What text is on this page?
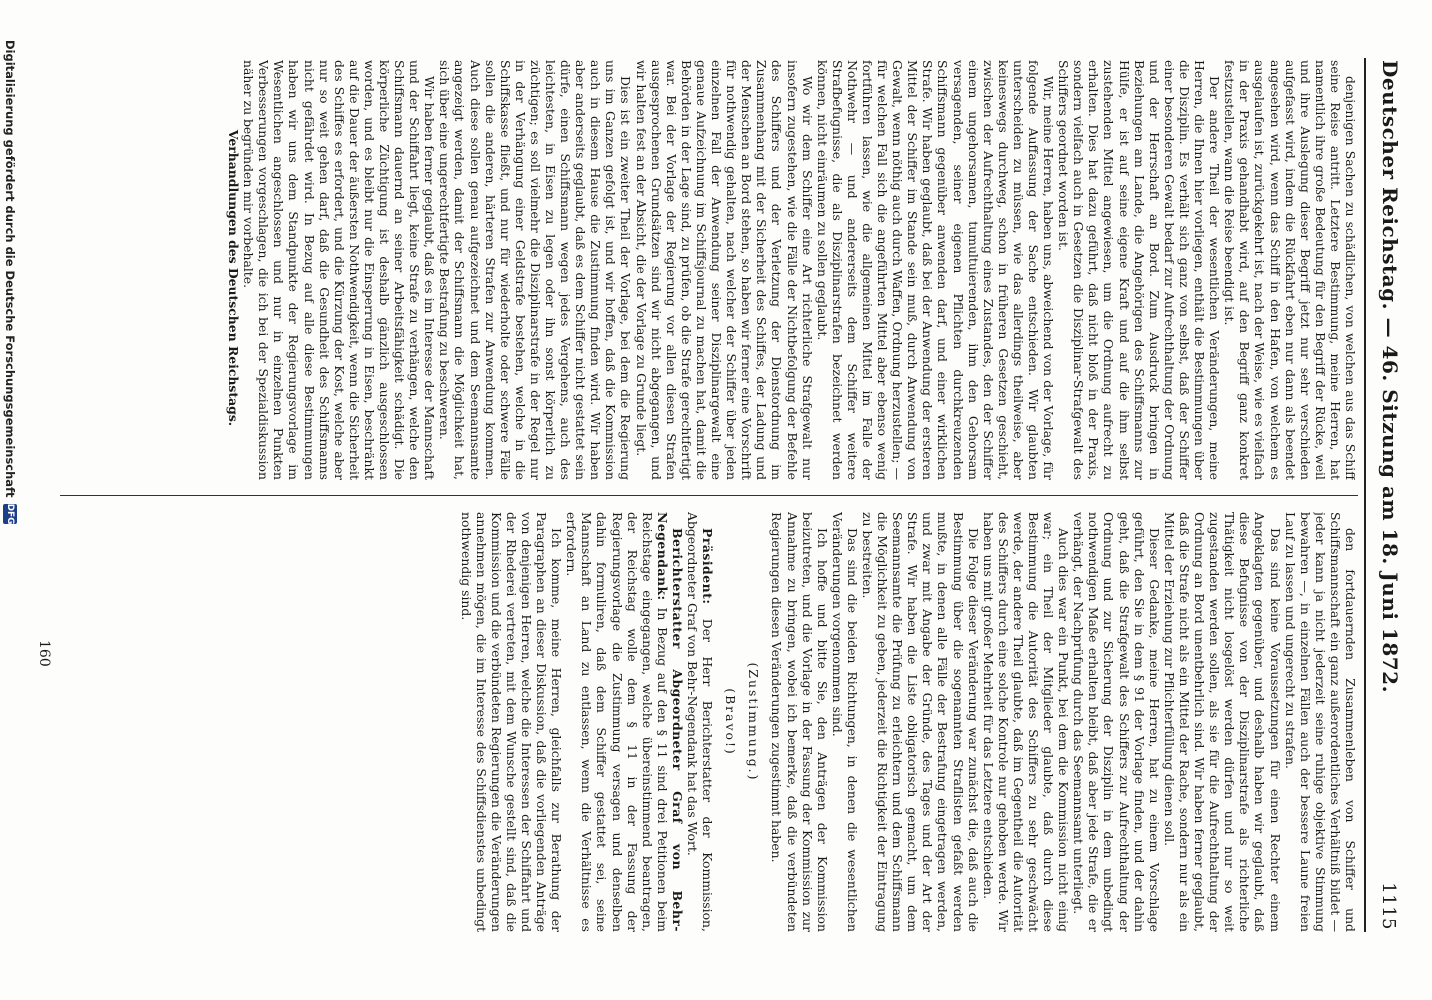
Deutscher Reichstag. — 46. Sitzung am 18. Juni 1872.
1115

denjenigen Sachen zu schädlichen, von welchen aus das Schiff seine Reise antritt. Letztere Bestimmung, meine Herren, hat namentlich ihre große Bedeutung für den Begriff der Rücke, weil und ihre Auslegung dieser Begriff jetzt nur sehr verschieden aufgefasst wird, indem die Rückfahrt eben nur dann als beendet angesehen wird, wenn das Schiff in den Hafen, von welchem es ausgelaufen ist, zurückgekehrt ist, nach der Weise, wie es vielfach in der Praxis gehandhabt wird, auf den Begriff ganz konkret festzustellen, wann die Reise beendigt ist.

Der andere Theil der wesentlichen Veränderungen, meine Herren, die Ihnen hier vorliegen, enthält die Bestimmungen über die Disziplin. Es verhält sich ganz von selbst, daß der Schiffer einer besonderen Gewalt bedarf zur Aufrechthaltung der Ordnung und der Herrschaft an Bord. Zum Ausdruck bringen in Beziehungen am Lande, die Angehörigen des Schiffsmanns zur Hülfe, er ist auf seine eigene Kraft und auf die ihm selbst zustehenden Mittel angewiesen, um die Ordnung aufrecht zu erhalten. Dies hat dazu geführt, daß nicht bloß in der Praxis, sondern vielfach auch in Gesetzen die Disziplinar-Strafgewalt des Schiffers geordnet worden ist.

Wir, meine Herren, haben uns, abweichend von der Vorlage, für folgende Auffassung der Sache entschieden. Wir glaubten unterscheiden zu müssen, wie das allerdings theilweise, aber keineswegs durchweg, schon in früheren Gesetzen geschieht, zwischen der Aufrechthaltung eines Zustandes, den der Schiffer einem ungehorsamen, tumultuierenden, ihm den Gehorsam versagenden, seiner eigenen Pflichten durchkreuzenden Schiffsmann gegenüber anwenden darf, und einer wirklichen Strafe. Wir haben geglaubt, daß bei der Anwendung der ersteren Mittel der Schiffer im Stande sein muß, durch Anwendung von Gewalt, wenn nöthig auch durch Waffen, Ordnung herzustellen; — für welchen Fall sich die angeführten Mittel aber ebenso wenig fortführen lassen, wie die allgemeinen Mittel im Falle der Nothwehr — und andererseits dem Schiffer weitere Strafbefugnisse, die als Disziplinarstrafen bezeichnet werden können, nicht einräumen zu sollen geglaubt.

Wo wir dem Schiffer eine Art richterliche Strafgewalt nur insofern zugestehen, wie die Fälle der Nichtbefolgung der Befehle des Schiffers und der Verletzung der Dienstordnung im Zusammenhang mit der Sicherheit des Schiffes, der Ladung und der Menschen an Bord stehen, so haben wir ferner eine Vorschrift für nothwendig gehalten, nach welcher der Schiffer über jeden einzelnen Fall der Anwendung seiner Disziplinargewalt eine genaue Aufzeichnung im Schiffsjournal zu machen hat, damit die Behörden in der Lage sind, zu prüfen, ob die Strafe gerechtfertigt war. Bei der Vorlage der Regierung vor allen diesen Strafen ausgesprochenen Grundsätzen sind wir nicht abgegangen, und wir halten fest an der Absicht, die der Vorlage zu Grunde liegt.

Dies ist ein zweiter Theil der Vorlage, bei dem die Regierung uns im Ganzen gefolgt ist, und wir hoffen, daß die Kommission auch in diesem Hause die Zustimmung finden wird. Wir haben aber anderseits geglaubt, daß es dem Schiffer nicht gestattet sein dürfe, einen Schiffsmann wegen jedes Vergehens, auch des leichtesten, in Eisen zu legen oder ihn sonst körperlich zu züchtigen; es soll vielmehr die Disziplinarstrafe in der Regel nur in der Verhängung einer Geldstrafe bestehen, welche in die Schiffskasse fließt, und nur für wiederholte oder schwere Fälle sollen die anderen, härteren Strafen zur Anwendung kommen. Auch diese sollen genau aufgezeichnet und dem Seemannsamte angezeigt werden, damit der Schiffsmann die Möglichkeit hat, sich über eine ungerechtfertigte Bestrafung zu beschweren.

Wir haben ferner geglaubt, daß es im Interesse der Mannschaft und der Schiffahrt liegt, keine Strafe zu verhängen, welche den Schiffsmann dauernd an seiner Arbeitsfähigkeit schädigt. Die körperliche Züchtigung ist deshalb gänzlich ausgeschlossen worden, und es bleibt nur die Einsperrung in Eisen, beschränkt auf die Dauer der äußersten Nothwendigkeit, wenn die Sicherheit des Schiffes es erfordert, und die Kürzung der Kost, welche aber nur so weit gehen darf, daß die Gesundheit des Schiffsmanns nicht gefährdet wird. In Bezug auf alle diese Bestimmungen haben wir uns dem Standpunkte der Regierungsvorlage im Wesentlichen angeschlossen und nur in einzelnen Punkten Verbesserungen vorgeschlagen, die ich bei der Spezialdiskussion näher zu begründen mir vorbehalte.

Verhandlungen des Deutschen Reichstags.

den fortdauernden Zusammenleben von Schiffer und Schiffsmannschaft ein ganz außerordentliches Verhältniß bildet — jeder kann ja nicht jederzeit seine ruhige objektive Stimmung bewahren —, in einzelnen Fällen auch der bessere Laune freien Lauf zu lassen und ungerecht zu strafen.

Das sind keine Voraussetzungen für einen Rechter einem Angeklagten gegenüber, und deshalb haben wir geglaubt, daß diese Befugnisse von der Disziplinarstrafe als richterliche Thätigkeit nicht losgelöst werden dürfen und nur so weit zugestanden werden sollen, als sie für die Aufrechthaltung der Ordnung an Bord unentbehrlich sind. Wir haben ferner geglaubt, daß die Strafe nicht als ein Mittel der Rache, sondern nur als ein Mittel der Erziehung zur Pflichterfüllung dienen soll.

Dieser Gedanke, meine Herren, hat zu einem Vorschlage geführt, den Sie in dem § 91 der Vorlage finden, und der dahin geht, daß die Strafgewalt des Schiffers zur Aufrechthaltung der Ordnung und zur Sicherung der Disziplin in dem unbedingt nothwendigen Maße erhalten bleibt, daß aber jede Strafe, die er verhängt, der Nachprüfung durch das Seemannsamt unterliegt.

Auch dies war ein Punkt, bei dem die Kommission nicht einig war; ein Theil der Mitglieder glaubte, daß durch diese Bestimmung die Autorität des Schiffers zu sehr geschwächt werde, der andere Theil glaubte, daß im Gegentheil die Autorität des Schiffers durch eine solche Kontrole nur gehoben werde. Wir haben uns mit großer Mehrheit für das Letztere entschieden.

Die Folge dieser Veränderung war zunächst die, daß auch die Bestimmung über die sogenannten Straflisten gefaßt werden mußte, in denen alle Fälle der Bestrafung eingetragen werden, und zwar mit Angabe der Gründe, des Tages und der Art der Strafe. Wir haben die Liste obligatorisch gemacht, um dem Seemannsamte die Prüfung zu erleichtern und dem Schiffsmann die Möglichkeit zu geben, jederzeit die Richtigkeit der Eintragung zu bestreiten.

Das sind die beiden Richtungen, in denen die wesentlichen Veränderungen vorgenommen sind.

Ich hoffe und bitte Sie, den Anträgen der Kommission beizutreten, und die Vorlage in der Fassung der Kommission zur Annahme zu bringen, wobei ich bemerke, daß die verbündeten Regierungen diesen Veränderungen zugestimmt haben.

(Zustimmung.)

(Bravo!)

Präsident: Der Herr Berichterstatter der Kommission, Abgeordneter Graf von Behr-Negendank hat das Wort.

Berichterstatter Abgeordneter Graf von Behr-Negendank: In Bezug auf den § 11 sind drei Petitionen beim Reichstage eingegangen, welche übereinstimmend beantragen, der Reichstag wolle dem § 11 in der Fassung der Regierungsvorlage die Zustimmung versagen und denselben dahin formuliren, daß dem Schiffer gestattet sei, seine Mannschaft an Land zu entlassen, wenn die Verhältnisse es erfordern.

Ich komme, meine Herren, gleichfalls zur Berathung der Paragraphen an dieser Diskussion, daß die vorliegenden Anträge von denjenigen Herren, welche die Interessen der Schiffahrt und der Rhederei vertreten, mit dem Wunsche gestellt sind, daß die Kommission und die verbündeten Regierungen die Veränderungen annehmen mögen, die im Interesse des Schiffsdienstes unbedingt nothwendig sind.

160
Digitalisierung gefördert durch die Deutsche Forschungsgemeinschaft
DFG
